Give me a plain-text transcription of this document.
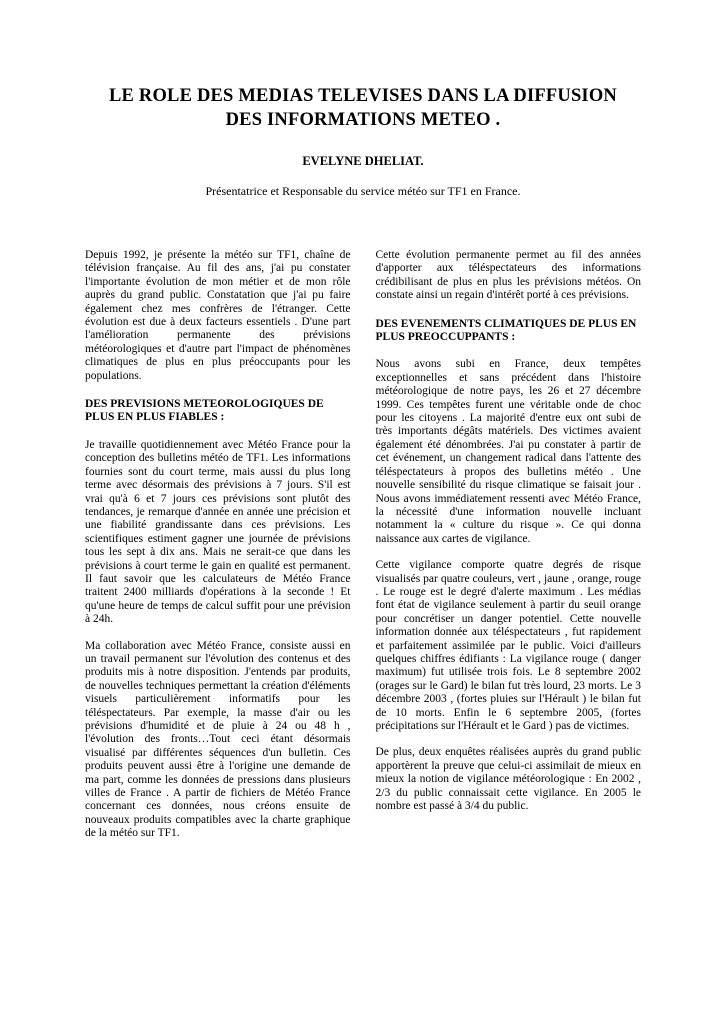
LE ROLE DES MEDIAS TELEVISES DANS LA DIFFUSION
DES INFORMATIONS METEO .
EVELYNE DHELIAT.
Présentatrice et Responsable du service météo sur TF1 en France.

Depuis 1992, je présente la météo sur TF1, chaîne de télévision française. Au fil des ans, j'ai pu constater l'importante évolution de mon métier et de mon rôle auprès du grand public. Constatation que j'ai pu faire également chez mes confrères de l'étranger. Cette évolution est due à deux facteurs essentiels . D'une part l'amélioration permanente des prévisions météorologiques et d'autre part l'impact de phénomènes climatiques de plus en plus préoccupants pour les populations.

DES PREVISIONS METEOROLOGIQUES DE PLUS EN PLUS FIABLES :

Je travaille quotidiennement avec Météo France pour la conception des bulletins météo de TF1. Les informations fournies sont du court terme, mais aussi du plus long terme avec désormais des prévisions à 7 jours. S'il est vrai qu'à 6 et 7 jours ces prévisions sont plutôt des tendances, je remarque d'année en année une précision et une fiabilité grandissante dans ces prévisions. Les scientifiques estiment gagner une journée de prévisions tous les sept à dix ans. Mais ne serait-ce que dans les prévisions à court terme le gain en qualité est permanent. Il faut savoir que les calculateurs de Météo France traitent 2400 milliards d'opérations à la seconde ! Et qu'une heure de temps de calcul suffit pour une prévision à 24h.

Ma collaboration avec Météo France, consiste aussi en un travail permanent sur l'évolution des contenus et des produits mis à notre disposition. J'entends par produits, de nouvelles techniques permettant la création d'éléments visuels particulièrement informatifs pour les téléspectateurs. Par exemple, la masse d'air ou les prévisions d'humidité et de pluie à 24 ou 48 h , l'évolution des fronts…Tout ceci étant désormais visualisé par différentes séquences d'un bulletin. Ces produits peuvent aussi être à l'origine une demande de ma part, comme les données de pressions dans plusieurs villes de France . A partir de fichiers de Météo France concernant ces données, nous créons ensuite de nouveaux produits compatibles avec la charte graphique de la météo sur TF1.

Cette évolution permanente permet au fil des années d'apporter aux téléspectateurs des informations crédibilisant de plus en plus les prévisions météos. On constate ainsi un regain d'intérêt porté à ces prévisions.

DES EVENEMENTS CLIMATIQUES DE PLUS EN PLUS PREOCCUPPANTS :

Nous avons subi en France, deux tempêtes exceptionnelles et sans précédent dans l'histoire météorologique de notre pays, les 26 et 27 décembre 1999. Ces tempêtes furent une véritable onde de choc pour les citoyens . La majorité d'entre eux ont subi de très importants dégâts matériels. Des victimes avaient également été dénombrées. J'ai pu constater à partir de cet événement, un changement radical dans l'attente des téléspectateurs à propos des bulletins météo . Une nouvelle sensibilité du risque climatique se faisait jour . Nous avons immédiatement ressenti avec Météo France, la nécessité d'une information nouvelle incluant notamment la « culture du risque ». Ce qui donna naissance aux cartes de vigilance.

Cette vigilance comporte quatre degrés de risque visualisés par quatre couleurs, vert , jaune , orange, rouge . Le rouge est le degré d'alerte maximum . Les médias font état de vigilance seulement à partir du seuil orange pour concrétiser un danger potentiel. Cette nouvelle information donnée aux téléspectateurs , fut rapidement et parfaitement assimilée par le public. Voici d'ailleurs quelques chiffres édifiants : La vigilance rouge ( danger maximum) fut utilisée trois fois. Le 8 septembre 2002 (orages sur le Gard) le bilan fut très lourd, 23 morts. Le 3 décembre 2003 , (fortes pluies sur l'Hérault ) le bilan fut de 10 morts. Enfin le 6 septembre 2005, (fortes précipitations sur l'Hérault et le Gard ) pas de victimes.

De plus, deux enquêtes réalisées auprès du grand public apportèrent la preuve que celui-ci assimilait de mieux en mieux la notion de vigilance météorologique : En 2002 , 2/3 du public connaissait cette vigilance. En 2005 le nombre est passé à 3/4 du public.
